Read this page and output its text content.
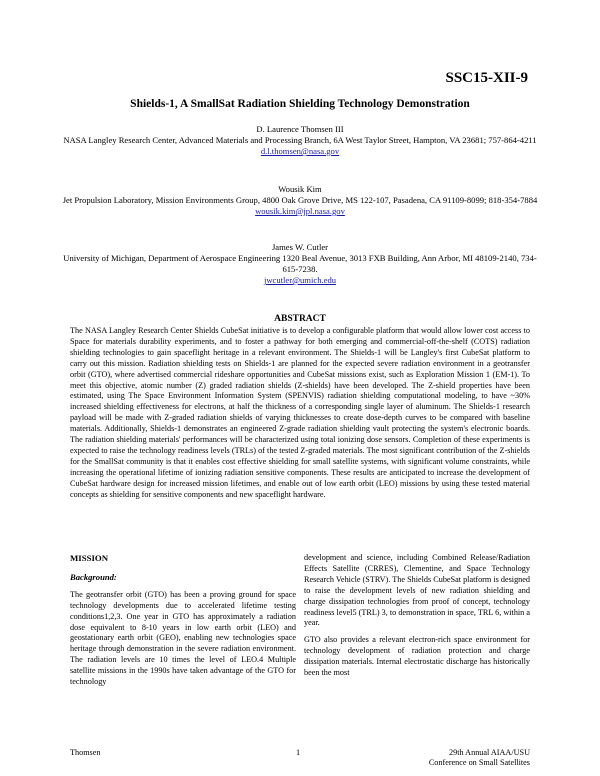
SSC15-XII-9
Shields-1, A SmallSat Radiation Shielding Technology Demonstration
D. Laurence Thomsen III
NASA Langley Research Center, Advanced Materials and Processing Branch, 6A West Taylor Street, Hampton, VA 23681; 757-864-4211
d.l.thomsen@nasa.gov
Wousik Kim
Jet Propulsion Laboratory, Mission Environments Group, 4800 Oak Grove Drive, MS 122-107, Pasadena, CA 91109-8099; 818-354-7884
wousik.kim@jpl.nasa.gov
James W. Cutler
University of Michigan, Department of Aerospace Engineering 1320 Beal Avenue, 3013 FXB Building, Ann Arbor, MI 48109-2140, 734-615-7238.
jwcutler@umich.edu
ABSTRACT

The NASA Langley Research Center Shields CubeSat initiative is to develop a configurable platform that would allow lower cost access to Space for materials durability experiments, and to foster a pathway for both emerging and commercial-off-the-shelf (COTS) radiation shielding technologies to gain spaceflight heritage in a relevant environment. The Shields-1 will be Langley's first CubeSat platform to carry out this mission. Radiation shielding tests on Shields-1 are planned for the expected severe radiation environment in a geotransfer orbit (GTO), where advertised commercial rideshare opportunities and CubeSat missions exist, such as Exploration Mission 1 (EM-1). To meet this objective, atomic number (Z) graded radiation shields (Z-shields) have been developed. The Z-shield properties have been estimated, using The Space Environment Information System (SPENVIS) radiation shielding computational modeling, to have ~30% increased shielding effectiveness for electrons, at half the thickness of a corresponding single layer of aluminum. The Shields-1 research payload will be made with Z-graded radiation shields of varying thicknesses to create dose-depth curves to be compared with baseline materials. Additionally, Shields-1 demonstrates an engineered Z-grade radiation shielding vault protecting the system's electronic boards. The radiation shielding materials' performances will be characterized using total ionizing dose sensors. Completion of these experiments is expected to raise the technology readiness levels (TRLs) of the tested Z-graded materials. The most significant contribution of the Z-shields for the SmallSat community is that it enables cost effective shielding for small satellite systems, with significant volume constraints, while increasing the operational lifetime of ionizing radiation sensitive components. These results are anticipated to increase the development of CubeSat hardware design for increased mission lifetimes, and enable out of low earth orbit (LEO) missions by using these tested material concepts as shielding for sensitive components and new spaceflight hardware.

MISSION
Background:

The geotransfer orbit (GTO) has been a proving ground for space technology developments due to accelerated lifetime testing conditions1,2,3. One year in GTO has approximately a radiation dose equivalent to 8-10 years in low earth orbit (LEO) and geostationary earth orbit (GEO), enabling new technologies space heritage through demonstration in the severe radiation environment. The radiation levels are 10 times the level of LEO.4 Multiple satellite missions in the 1990s have taken advantage of the GTO for technology

development and science, including Combined Release/Radiation Effects Satellite (CRRES), Clementine, and Space Technology Research Vehicle (STRV). The Shields CubeSat platform is designed to raise the development levels of new radiation shielding and charge dissipation technologies from proof of concept, technology readiness level5 (TRL) 3, to demonstration in space, TRL 6, within a year.

GTO also provides a relevant electron-rich space environment for technology development of radiation protection and charge dissipation materials. Internal electrostatic discharge has historically been the most

Thomsen	1	29th Annual AIAA/USU
Conference on Small Satellites
